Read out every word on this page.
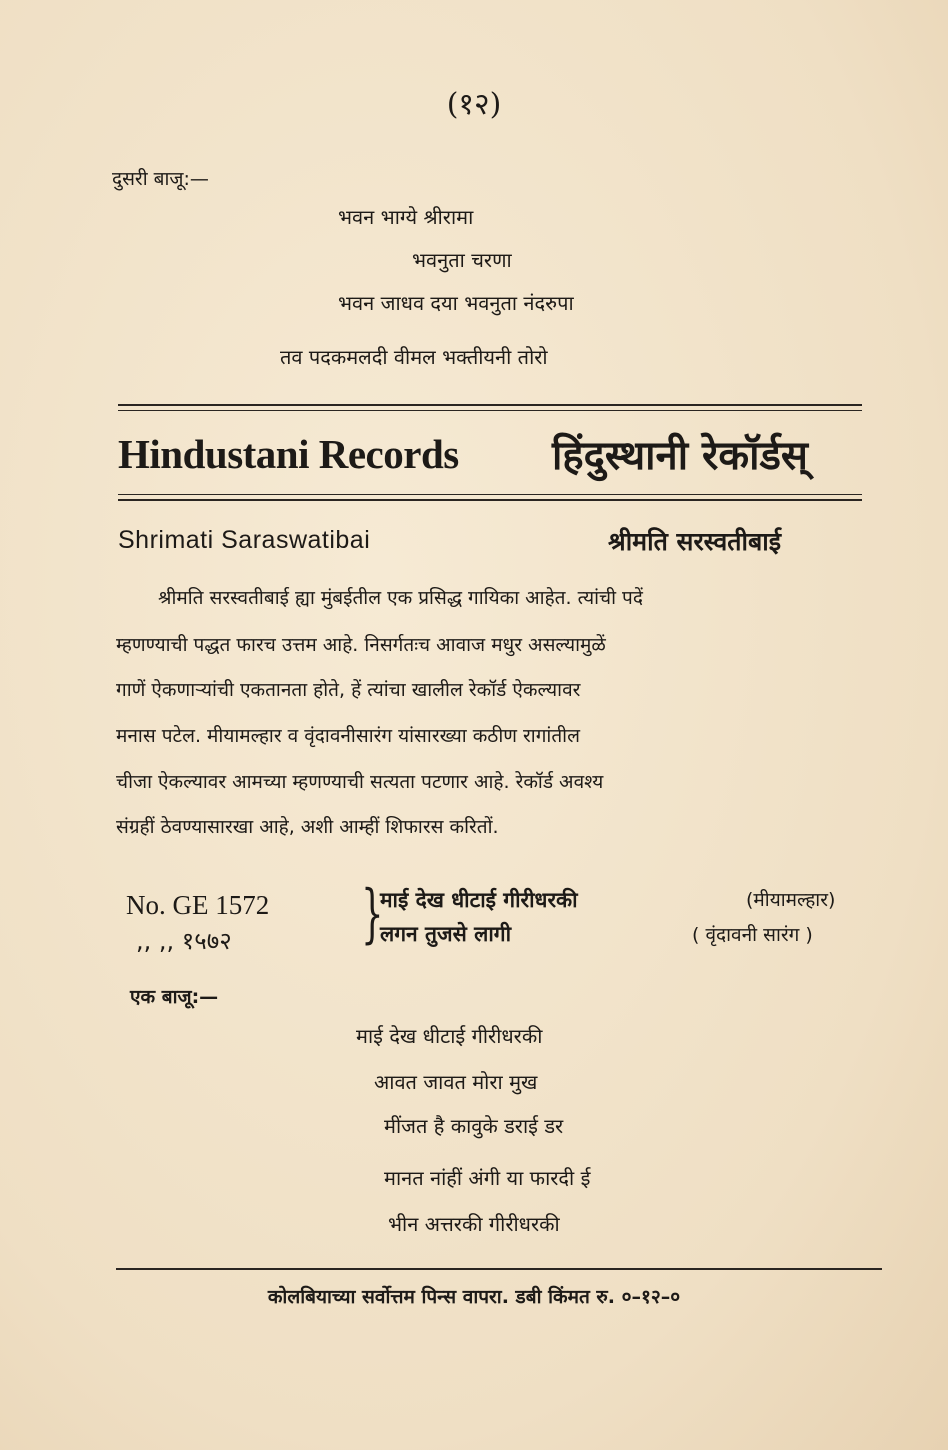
(१२)
दुसरी बाजू:—
भवन भाग्ये श्रीरामा
भवनुता चरणा
भवन जाधव दया भवनुता नंदरुपा
तव पदकमलदी वीमल भक्तीयनी तोरो
Hindustani Records हिंदुस्थानी रेकॉर्डस्
Shrimati Saraswatibai	श्रीमति सरस्वतीबाई
श्रीमति सरस्वतीबाई ह्या मुंबईतील एक प्रसिद्ध गायिका आहेत. त्यांची पदें
म्हणण्याची पद्धत फारच उत्तम आहे. निसर्गतःच आवाज मधुर असल्यामुळें
गाणें ऐकणाऱ्यांची एकतानता होते, हें त्यांचा खालील रेकॉर्ड ऐकल्यावर
मनास पटेल. मीयामल्हार व वृंदावनीसारंग यांसारख्या कठीण रागांतील
चीजा ऐकल्यावर आमच्या म्हणण्याची सत्यता पटणार आहे. रेकॉर्ड अवश्य
संग्रहीं ठेवण्यासारखा आहे, अशी आम्हीं शिफारस करितों.
No. GE 1572
,, ,, १५७२ }
माई देख धीटाई गीरीधरकी	(मीयामल्हार)
लगन तुजसे लागी	( वृंदावनी सारंग )
एक बाजू:—
माई देख धीटाई गीरीधरकी
आवत जावत मोरा मुख
मींजत है कावुके डराई डर
मानत नांहीं अंगी या फारदी ई
भीन अत्तरकी गीरीधरकी
कोलबियाच्या सर्वोत्तम पिन्स वापरा. डबी किंमत रु. ०–१२–०
